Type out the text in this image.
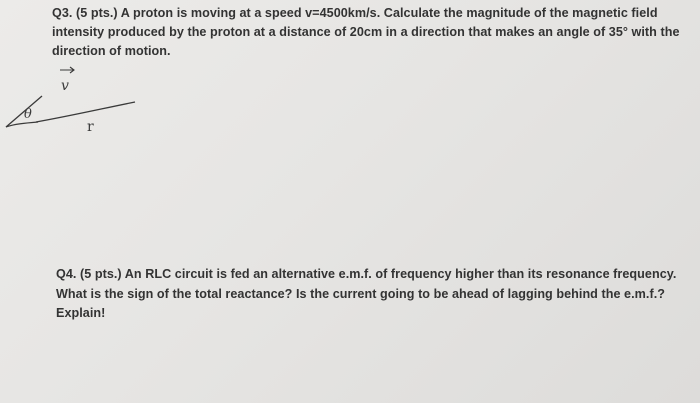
Q3. (5 pts.) A proton is moving at a speed v=4500km/s. Calculate the magnitude of the magnetic field
intensity produced by the proton at a distance of 20cm in a direction that makes an angle of 35° with the
direction of motion.
v
r
θ
Q4. (5 pts.) An RLC circuit is fed an alternative e.m.f. of frequency higher than its resonance frequency.
What is the sign of the total reactance? Is the current going to be ahead of lagging behind the e.m.f.?
Explain!
